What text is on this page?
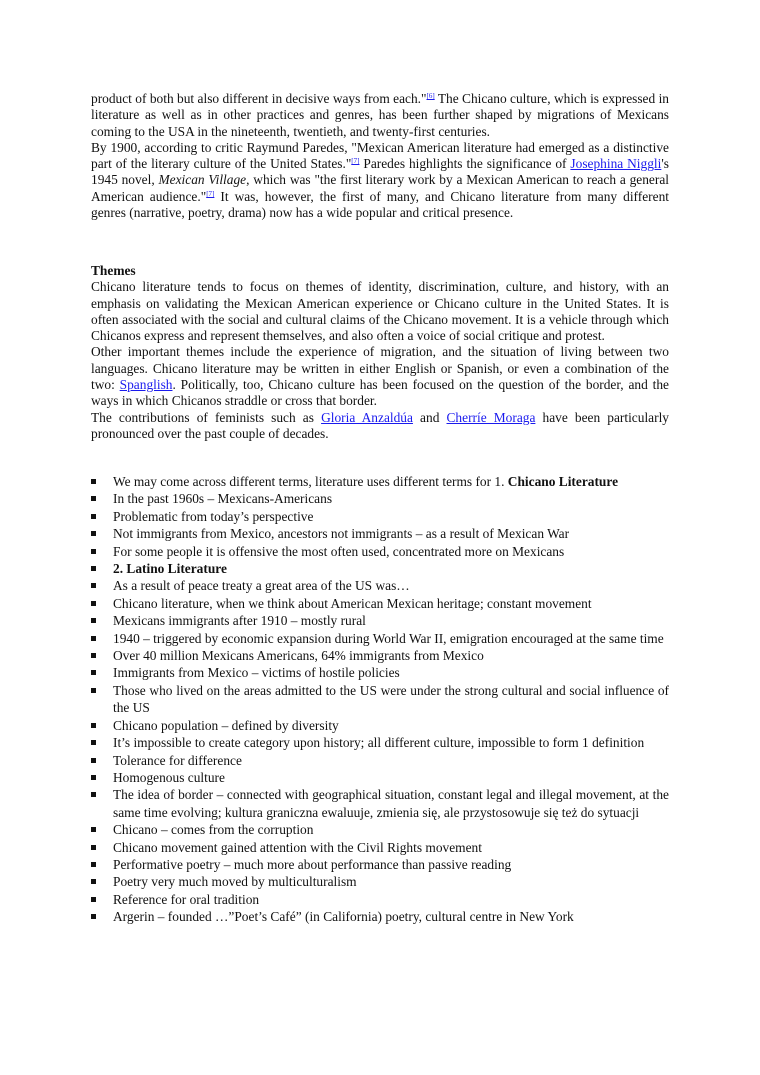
product of both but also different in decisive ways from each."[6] The Chicano culture, which is expressed in literature as well as in other practices and genres, has been further shaped by migrations of Mexicans coming to the USA in the nineteenth, twentieth, and twenty-first centuries.

By 1900, according to critic Raymund Paredes, "Mexican American literature had emerged as a distinctive part of the literary culture of the United States."[7] Paredes highlights the significance of Josephina Niggli's 1945 novel, Mexican Village, which was "the first literary work by a Mexican American to reach a general American audience."[7] It was, however, the first of many, and Chicano literature from many different genres (narrative, poetry, drama) now has a wide popular and critical presence.

Themes

Chicano literature tends to focus on themes of identity, discrimination, culture, and history, with an emphasis on validating the Mexican American experience or Chicano culture in the United States. It is often associated with the social and cultural claims of the Chicano movement. It is a vehicle through which Chicanos express and represent themselves, and also often a voice of social critique and protest.

Other important themes include the experience of migration, and the situation of living between two languages. Chicano literature may be written in either English or Spanish, or even a combination of the two: Spanglish. Politically, too, Chicano culture has been focused on the question of the border, and the ways in which Chicanos straddle or cross that border.

The contributions of feminists such as Gloria Anzaldúa and Cherríe Moraga have been particularly pronounced over the past couple of decades.

We may come across different terms, literature uses different terms for 1. Chicano Literature
In the past 1960s – Mexicans-Americans
Problematic from today’s perspective
Not immigrants from Mexico, ancestors not immigrants – as a result of Mexican War
For some people it is offensive the most often used, concentrated more on Mexicans
2. Latino Literature
As a result of peace treaty a great area of the US was…
Chicano literature, when we think about American Mexican heritage; constant movement
Mexicans immigrants after 1910 – mostly rural
1940 – triggered by economic expansion during World War II, emigration encouraged at the same time
Over 40 million Mexicans Americans, 64% immigrants from Mexico
Immigrants from Mexico – victims of hostile policies
Those who lived on the areas admitted to the US were under the strong cultural and social influence of the US
Chicano population – defined by diversity
It’s impossible to create category upon history; all different culture, impossible to form 1 definition
Tolerance for difference
Homogenous culture
The idea of border – connected with geographical situation, constant legal and illegal movement, at the same time evolving; kultura graniczna ewaluuje, zmienia się, ale przystosowuje się też do sytuacji
Chicano – comes from the corruption
Chicano movement gained attention with the Civil Rights movement
Performative poetry – much more about performance than passive reading
Poetry very much moved by multiculturalism
Reference for oral tradition
Argerin – founded …”Poet’s Café” (in California) poetry, cultural centre in New York
